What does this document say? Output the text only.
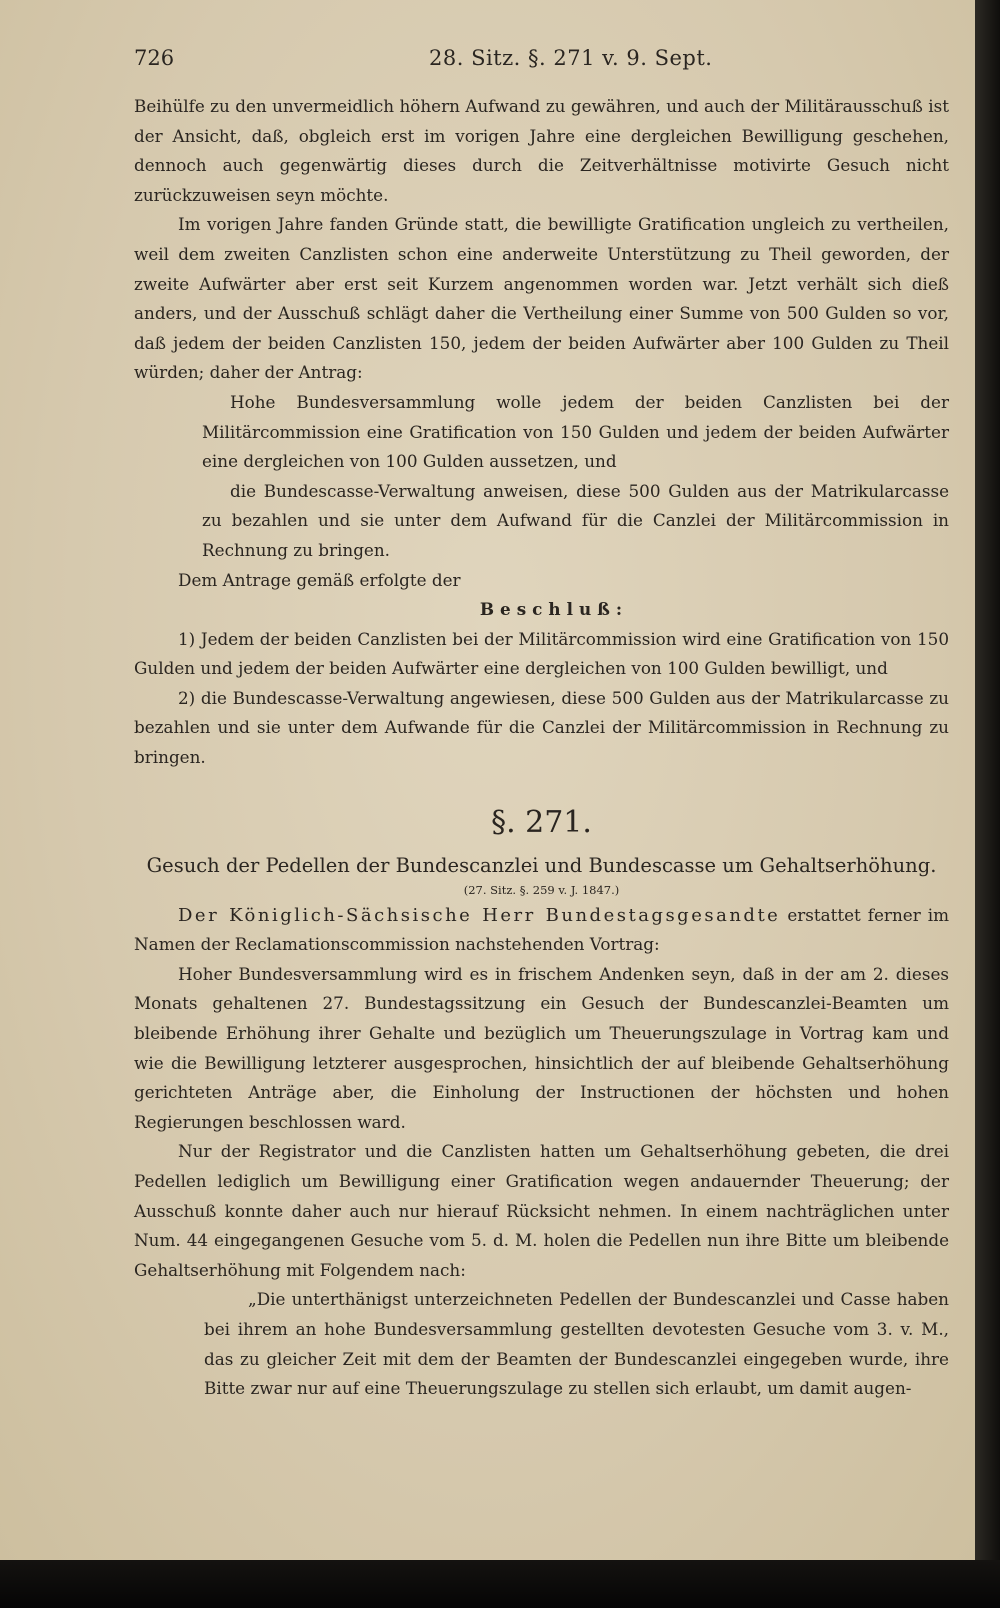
726	28. Sitz. §. 271 v. 9. Sept.

Beihülfe zu den unvermeidlich höhern Aufwand zu gewähren, und auch der Militärausschuß ist der Ansicht, daß, obgleich erst im vorigen Jahre eine dergleichen Bewilligung geschehen, dennoch auch gegenwärtig dieses durch die Zeitverhältnisse motivirte Gesuch nicht zurückzuweisen seyn möchte.

Im vorigen Jahre fanden Gründe statt, die bewilligte Gratification ungleich zu vertheilen, weil dem zweiten Canzlisten schon eine anderweite Unterstützung zu Theil geworden, der zweite Aufwärter aber erst seit Kurzem angenommen worden war. Jetzt verhält sich dieß anders, und der Ausschuß schlägt daher die Vertheilung einer Summe von 500 Gulden so vor, daß jedem der beiden Canzlisten 150, jedem der beiden Aufwärter aber 100 Gulden zu Theil würden; daher der Antrag:

Hohe Bundesversammlung wolle jedem der beiden Canzlisten bei der Militärcommission eine Gratification von 150 Gulden und jedem der beiden Aufwärter eine dergleichen von 100 Gulden aussetzen, und

die Bundescasse-Verwaltung anweisen, diese 500 Gulden aus der Matrikularcasse zu bezahlen und sie unter dem Aufwand für die Canzlei der Militärcommission in Rechnung zu bringen.

Dem Antrage gemäß erfolgte der

Beschluß:

1) Jedem der beiden Canzlisten bei der Militärcommission wird eine Gratification von 150 Gulden und jedem der beiden Aufwärter eine dergleichen von 100 Gulden bewilligt, und

2) die Bundescasse-Verwaltung angewiesen, diese 500 Gulden aus der Matrikularcasse zu bezahlen und sie unter dem Aufwande für die Canzlei der Militärcommission in Rechnung zu bringen.

§. 271.
Gesuch der Pedellen der Bundescanzlei und Bundescasse um Gehaltserhöhung.
(27. Sitz. §. 259 v. J. 1847.)

Der Königlich-Sächsische Herr Bundestagsgesandte erstattet ferner im Namen der Reclamationscommission nachstehenden Vortrag:

Hoher Bundesversammlung wird es in frischem Andenken seyn, daß in der am 2. dieses Monats gehaltenen 27. Bundestagssitzung ein Gesuch der Bundescanzlei-Beamten um bleibende Erhöhung ihrer Gehalte und bezüglich um Theuerungszulage in Vortrag kam und wie die Bewilligung letzterer ausgesprochen, hinsichtlich der auf bleibende Gehaltserhöhung gerichteten Anträge aber, die Einholung der Instructionen der höchsten und hohen Regierungen beschlossen ward.

Nur der Registrator und die Canzlisten hatten um Gehaltserhöhung gebeten, die drei Pedellen lediglich um Bewilligung einer Gratification wegen andauernder Theuerung; der Ausschuß konnte daher auch nur hierauf Rücksicht nehmen. In einem nachträglichen unter Num. 44 eingegangenen Gesuche vom 5. d. M. holen die Pedellen nun ihre Bitte um bleibende Gehaltserhöhung mit Folgendem nach:

„Die unterthänigst unterzeichneten Pedellen der Bundescanzlei und Casse haben bei ihrem an hohe Bundesversammlung gestellten devotesten Gesuche vom 3. v. M., das zu gleicher Zeit mit dem der Beamten der Bundescanzlei eingegeben wurde, ihre Bitte zwar nur auf eine Theuerungszulage zu stellen sich erlaubt, um damit augen-
